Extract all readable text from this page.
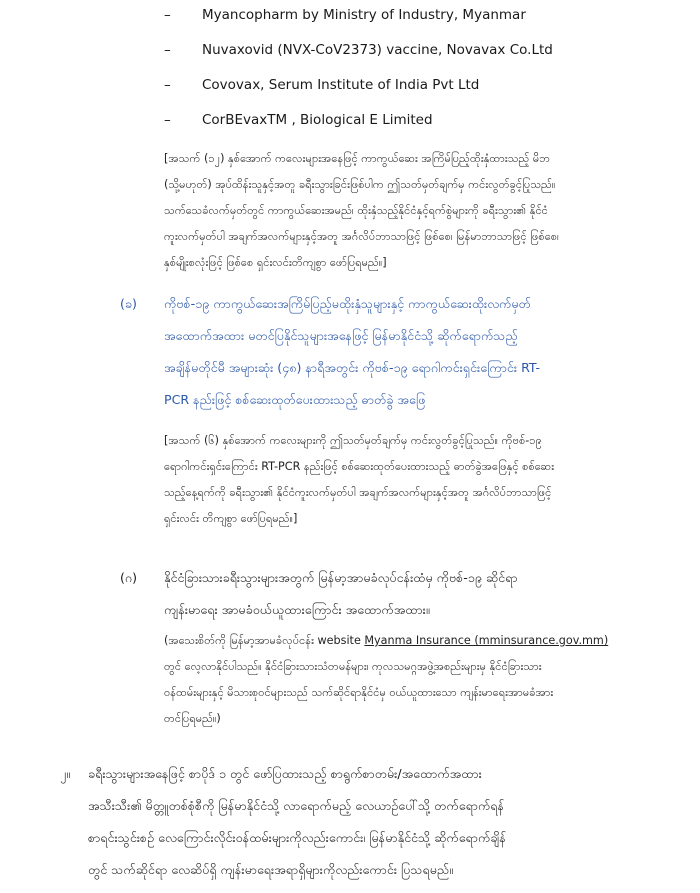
– Myancopharm by Ministry of Industry, Myanmar
– Nuvaxovid (NVX-CoV2373) vaccine, Novavax Co.Ltd
– Covovax, Serum Institute of India Pvt Ltd
– CorBEvaxTM , Biological E Limited

[အသက် (၁၂) နှစ်အောက် ကလေးများအနေဖြင့် ကာကွယ်ဆေး အကြိမ်ပြည့်ထိုးနှံထားသည့် မိဘ

(သို့မဟုတ်) အုပ်ထိန်းသူနှင့်အတူ ခရီးသွားခြင်းဖြစ်ပါက ဤသတ်မှတ်ချက်မှ ကင်းလွတ်ခွင့်ပြုသည်။

သက်သေခံလက်မှတ်တွင် ကာကွယ်ဆေးအမည်၊ ထိုးနှံသည့်နိုင်ငံနှင့်ရက်စွဲများကို ခရီးသွား၏ နိုင်ငံ

ကူးလက်မှတ်ပါ အချက်အလက်များနှင့်အတူ အင်္ဂလိပ်ဘာသာဖြင့် ဖြစ်စေ၊ မြန်မာဘာသာဖြင့် ဖြစ်စေ၊

နှစ်မျိုးစလုံးဖြင့် ဖြစ်စေ ရှင်းလင်းတိကျစွာ ဖော်ပြရမည်။]

(ခ)	ကိုဗစ်-၁၉ ကာကွယ်ဆေးအကြိမ်ပြည့်မထိုးနှံသူများနှင့် ကာကွယ်ဆေးထိုးလက်မှတ်

အထောက်အထား မတင်ပြနိုင်သူများအနေဖြင့် မြန်မာနိုင်ငံသို့ ဆိုက်ရောက်သည့်

အချိန်မတိုင်မီ အများဆုံး (၄၈) နာရီအတွင်း ကိုဗစ်-၁၉ ရောဂါကင်းရှင်းကြောင်း RT-

PCR နည်းဖြင့် စစ်ဆေးထုတ်ပေးထားသည့် ဓာတ်ခွဲ အဖြေ

[အသက် (၆) နှစ်အောက် ကလေးများကို ဤသတ်မှတ်ချက်မှ ကင်းလွတ်ခွင့်ပြုသည်။ ကိုဗစ်-၁၉

ရောဂါကင်းရှင်းကြောင်း RT-PCR နည်းဖြင့် စစ်ဆေးထုတ်ပေးထားသည့် ဓာတ်ခွဲအဖြေနှင့် စစ်ဆေး

သည့်နေ့ရက်ကို ခရီးသွား၏ နိုင်ငံကူးလက်မှတ်ပါ အချက်အလက်များနှင့်အတူ အင်္ဂလိပ်ဘာသာဖြင့်

ရှင်းလင်း တိကျစွာ ဖော်ပြရမည်။]

(ဂ)	နိုင်ငံခြားသားခရီးသွားများအတွက် မြန်မာ့အာမခံလုပ်ငန်းထံမှ ကိုဗစ်-၁၉ ဆိုင်ရာ

ကျန်းမာရေး အာမခံဝယ်ယူထားကြောင်း အထောက်အထား။

(အသေးစိတ်ကို မြန်မာ့အာမခံလုပ်ငန်း website Myanma Insurance (mminsurance.gov.mm)

တွင် လေ့လာနိုင်ပါသည်။ နိုင်ငံခြားသားသံတမန်များ၊ ကုလသမဂ္ဂအဖွဲ့အစည်းများမှ နိုင်ငံခြားသား

ဝန်ထမ်းများနှင့် မိသားစုဝင်များသည် သက်ဆိုင်ရာနိုင်ငံမှ ဝယ်ယူထားသော ကျန်းမာရေးအာမခံအား

တင်ပြရမည်။)

၂။ ခရီးသွားများအနေဖြင့် စာပိုဒ် ၁ တွင် ဖော်ပြထားသည့် စာရွက်စာတမ်း/အထောက်အထား

အသီးသီး၏ မိတ္တူတစ်စုံစီကို မြန်မာနိုင်ငံသို့ လာရောက်မည့် လေယာဉ်ပေါ်သို့ တက်ရောက်ရန်

စာရင်းသွင်းစဉ် လေကြောင်းလိုင်းဝန်ထမ်းများကိုလည်းကောင်း၊ မြန်မာနိုင်ငံသို့ ဆိုက်ရောက်ချိန်

တွင် သက်ဆိုင်ရာ လေဆိပ်ရှိ ကျန်းမာရေးအရာရှိများကိုလည်းကောင်း ပြသရမည်။
